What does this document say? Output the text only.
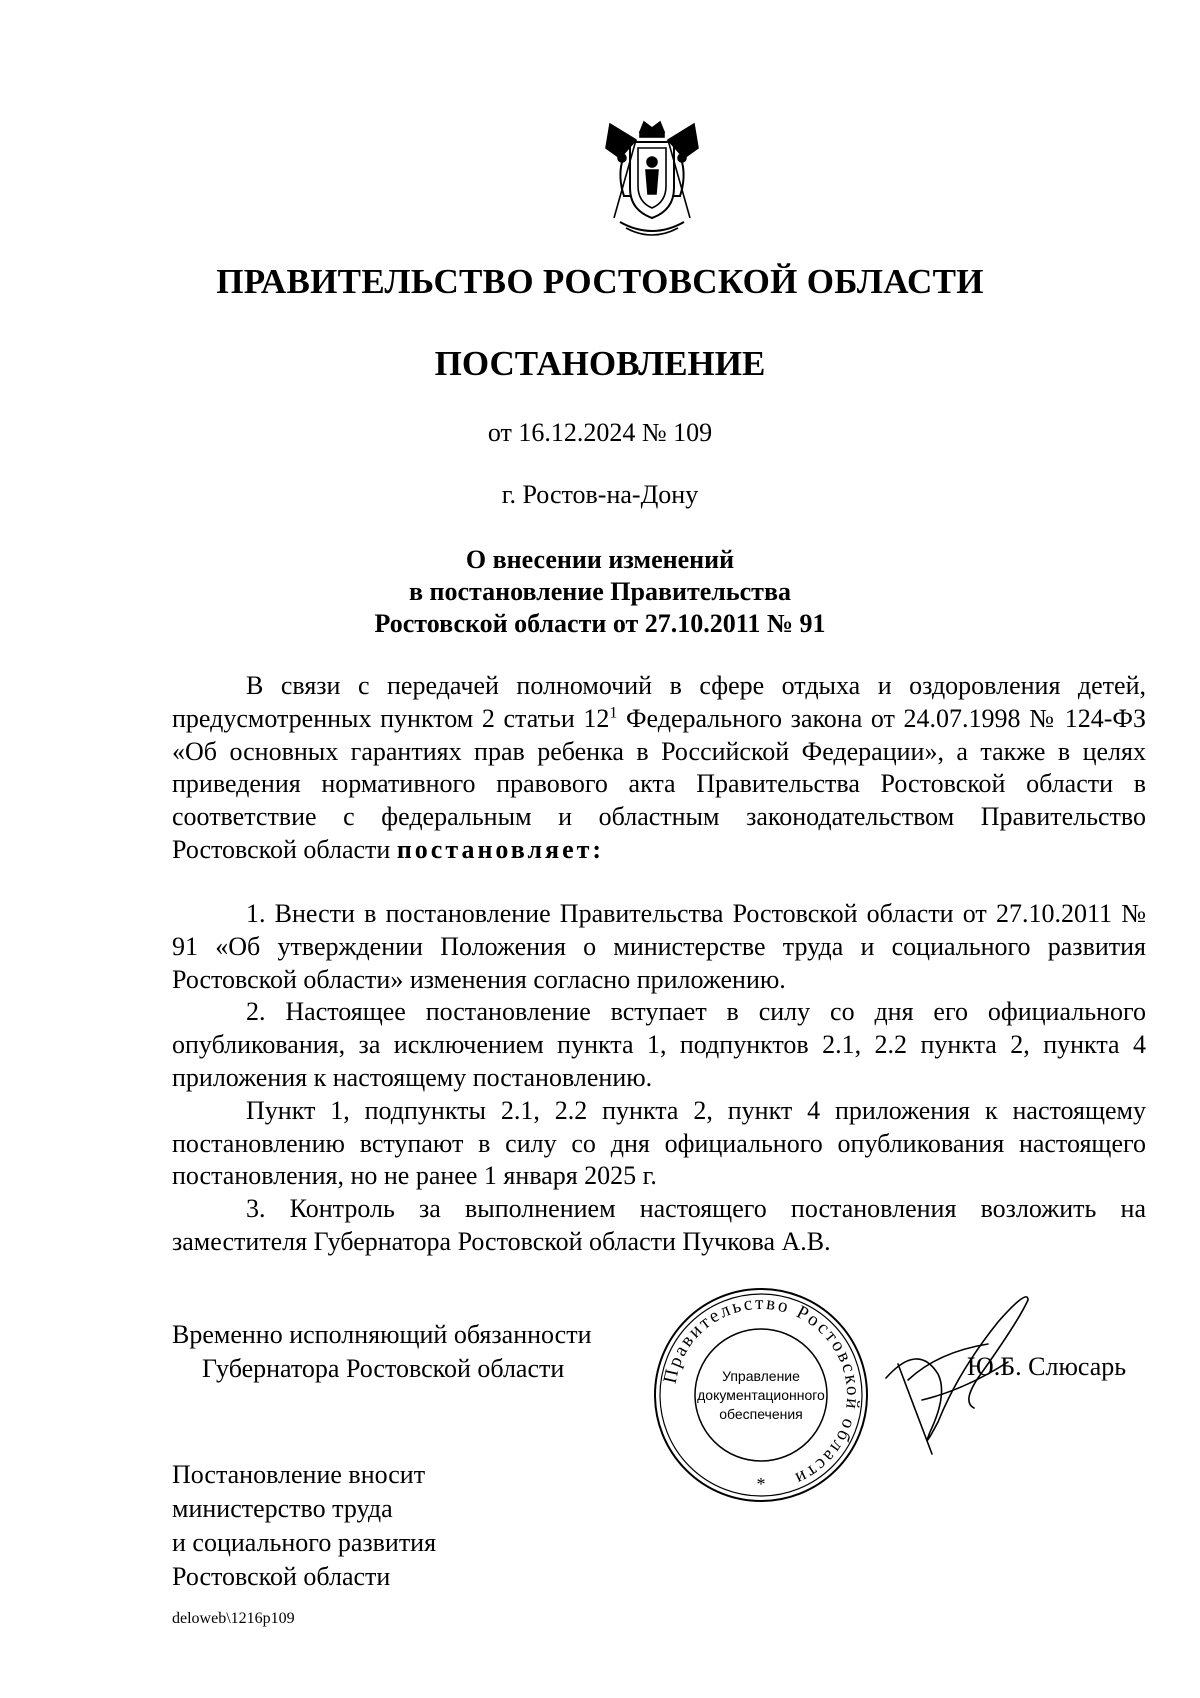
ПРАВИТЕЛЬСТВО РОСТОВСКОЙ ОБЛАСТИ
ПОСТАНОВЛЕНИЕ
от 16.12.2024 № 109
г. Ростов-на-Дону
О внесении изменений
в постановление Правительства
Ростовской области от 27.10.2011 № 91

В связи с передачей полномочий в сфере отдыха и оздоровления детей, предусмотренных пунктом 2 статьи $12^1$ Федерального закона от 24.07.1998 № 124-ФЗ «Об основных гарантиях прав ребенка в Российской Федерации», а также в целях приведения нормативного правового акта Правительства Ростовской области в соответствие с федеральным и областным законодательством Правительство Ростовской области постановляет:

1. Внести в постановление Правительства Ростовской области от 27.10.2011 № 91 «Об утверждении Положения о министерстве труда и социального развития Ростовской области» изменения согласно приложению.

2. Настоящее постановление вступает в силу со дня его официального опубликования, за исключением пункта 1, подпунктов 2.1, 2.2 пункта 2, пункта 4 приложения к настоящему постановлению.

Пункт 1, подпункты 2.1, 2.2 пункта 2, пункт 4 приложения к настоящему постановлению вступают в силу со дня официального опубликования настоящего постановления, но не ранее 1 января 2025 г.

3. Контроль за выполнением настоящего постановления возложить на заместителя Губернатора Ростовской области Пучкова А.В.

Временно исполняющий обязанности
Губернатора Ростовской области	Правительство Ростовской области
Управление
документационного
обеспечения
*
Ю.Б. Слюсарь
Постановление вносит
министерство труда
и социального развития
Ростовской области
deloweb\1216p109
